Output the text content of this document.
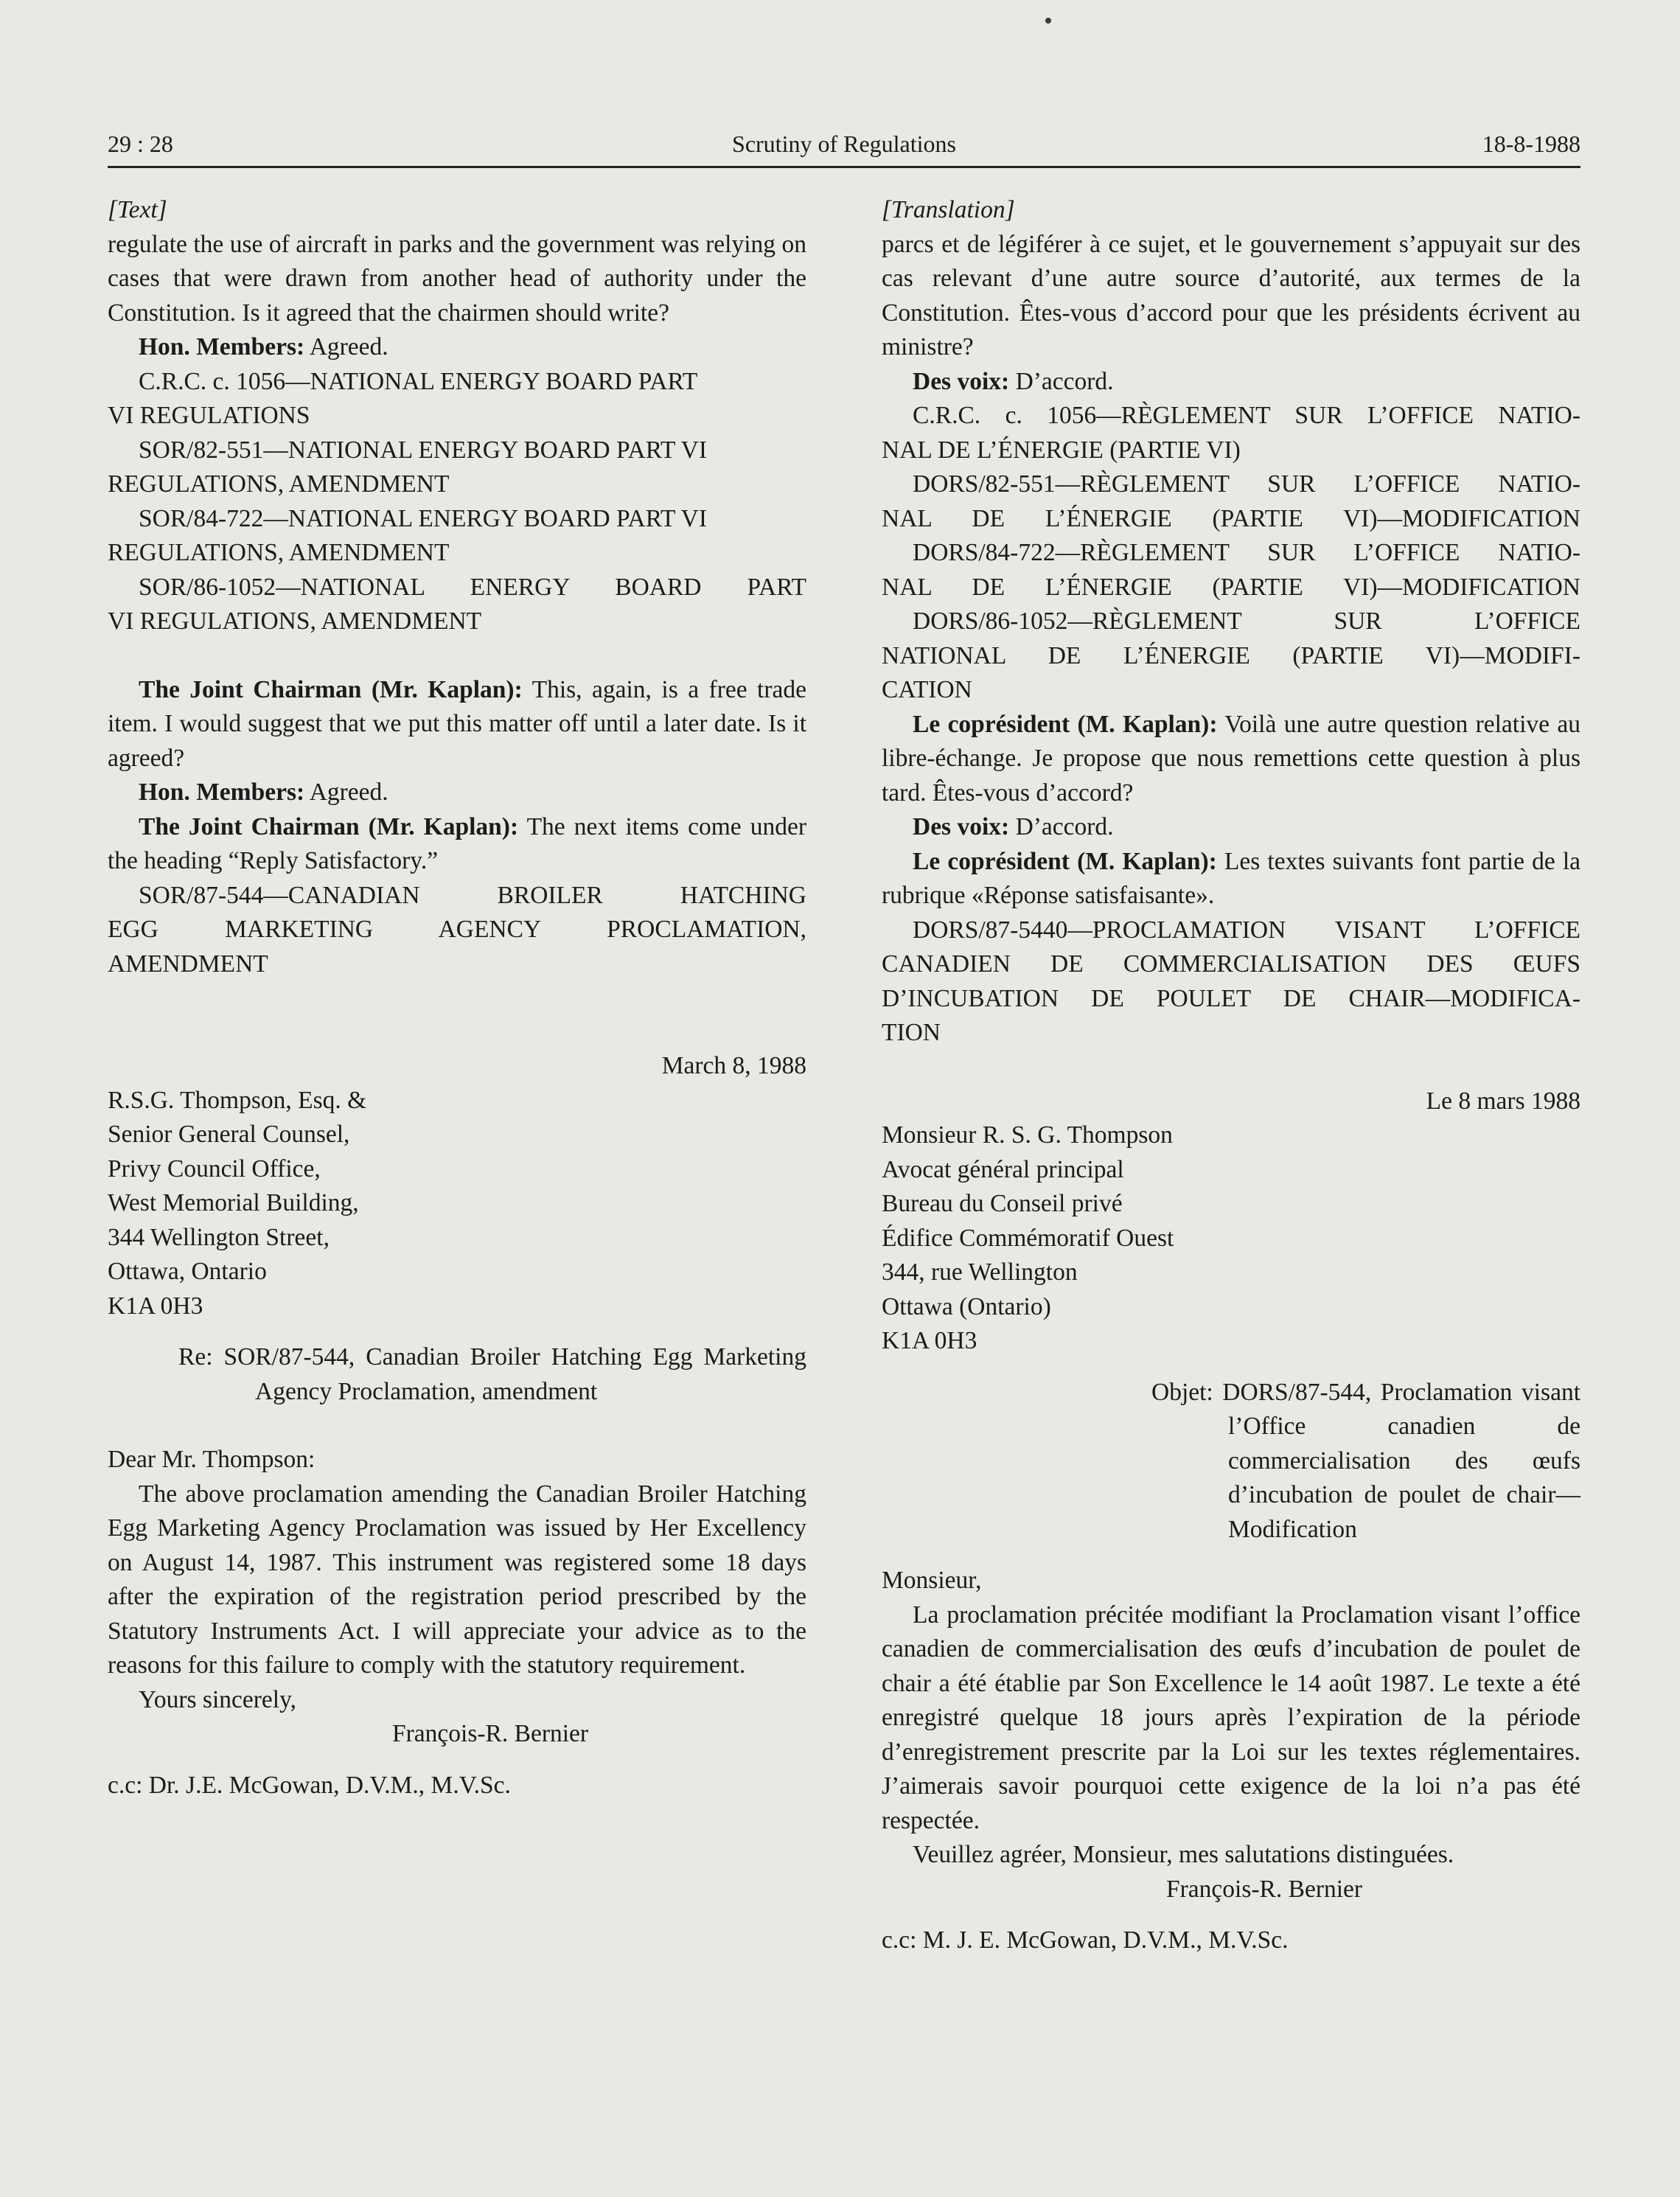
29 : 28	Scrutiny of Regulations	18-8-1988

[Text]

regulate the use of aircraft in parks and the government was relying on cases that were drawn from another head of authority under the Constitution. Is it agreed that the chairmen should write?

Hon. Members: Agreed.

C.R.C. c. 1056—NATIONAL ENERGY BOARD PART

VI REGULATIONS

SOR/82-551—NATIONAL ENERGY BOARD PART VI

REGULATIONS, AMENDMENT

SOR/84-722—NATIONAL ENERGY BOARD PART VI

REGULATIONS, AMENDMENT

SOR/86-1052—NATIONAL ENERGY BOARD PART

VI REGULATIONS, AMENDMENT

The Joint Chairman (Mr. Kaplan): This, again, is a free trade item. I would suggest that we put this matter off until a later date. Is it agreed?

Hon. Members: Agreed.

The Joint Chairman (Mr. Kaplan): The next items come under the heading “Reply Satisfactory.”

SOR/87-544—CANADIAN BROILER HATCHING

EGG MARKETING AGENCY PROCLAMATION,

AMENDMENT

March 8, 1988

R.S.G. Thompson, Esq. &

Senior General Counsel,

Privy Council Office,

West Memorial Building,

344 Wellington Street,

Ottawa, Ontario

K1A 0H3

Re: SOR/87-544, Canadian Broiler Hatching Egg Marketing Agency Proclamation, amendment

Dear Mr. Thompson:

The above proclamation amending the Canadian Broiler Hatching Egg Marketing Agency Proclamation was issued by Her Excellency on August 14, 1987. This instrument was registered some 18 days after the expiration of the registration period prescribed by the Statutory Instruments Act. I will appreciate your advice as to the reasons for this failure to comply with the statutory requirement.

Yours sincerely,

François-R. Bernier

c.c: Dr. J.E. McGowan, D.V.M., M.V.Sc.

[Translation]

parcs et de légiférer à ce sujet, et le gouvernement s’appuyait sur des cas relevant d’une autre source d’autorité, aux termes de la Constitution. Êtes-vous d’accord pour que les présidents écrivent au ministre?

Des voix: D’accord.

C.R.C. c. 1056—RÈGLEMENT SUR L’OFFICE NATIO-

NAL DE L’ÉNERGIE (PARTIE VI)

DORS/82-551—RÈGLEMENT SUR L’OFFICE NATIO-

NAL DE L’ÉNERGIE (PARTIE VI)—MODIFICATION

DORS/84-722—RÈGLEMENT SUR L’OFFICE NATIO-

NAL DE L’ÉNERGIE (PARTIE VI)—MODIFICATION

DORS/86-1052—RÈGLEMENT SUR L’OFFICE

NATIONAL DE L’ÉNERGIE (PARTIE VI)—MODIFI-

CATION

Le coprésident (M. Kaplan): Voilà une autre question relative au libre-échange. Je propose que nous remettions cette question à plus tard. Êtes-vous d’accord?

Des voix: D’accord.

Le coprésident (M. Kaplan): Les textes suivants font partie de la rubrique «Réponse satisfaisante».

DORS/87-5440—PROCLAMATION VISANT L’OFFICE

CANADIEN DE COMMERCIALISATION DES ŒUFS

D’INCUBATION DE POULET DE CHAIR—MODIFICA-

TION

Le 8 mars 1988

Monsieur R. S. G. Thompson

Avocat général principal

Bureau du Conseil privé

Édifice Commémoratif Ouest

344, rue Wellington

Ottawa (Ontario)

K1A 0H3

Objet: DORS/87-544, Proclamation visant l’Office canadien de commercialisation des œufs d’incubation de poulet de chair—Modification

Monsieur,

La proclamation précitée modifiant la Proclamation visant l’office canadien de commercialisation des œufs d’incubation de poulet de chair a été établie par Son Excellence le 14 août 1987. Le texte a été enregistré quelque 18 jours après l’expiration de la période d’enregistrement prescrite par la Loi sur les textes réglementaires. J’aimerais savoir pourquoi cette exigence de la loi n’a pas été respectée.

Veuillez agréer, Monsieur, mes salutations distinguées.

François-R. Bernier

c.c: M. J. E. McGowan, D.V.M., M.V.Sc.
